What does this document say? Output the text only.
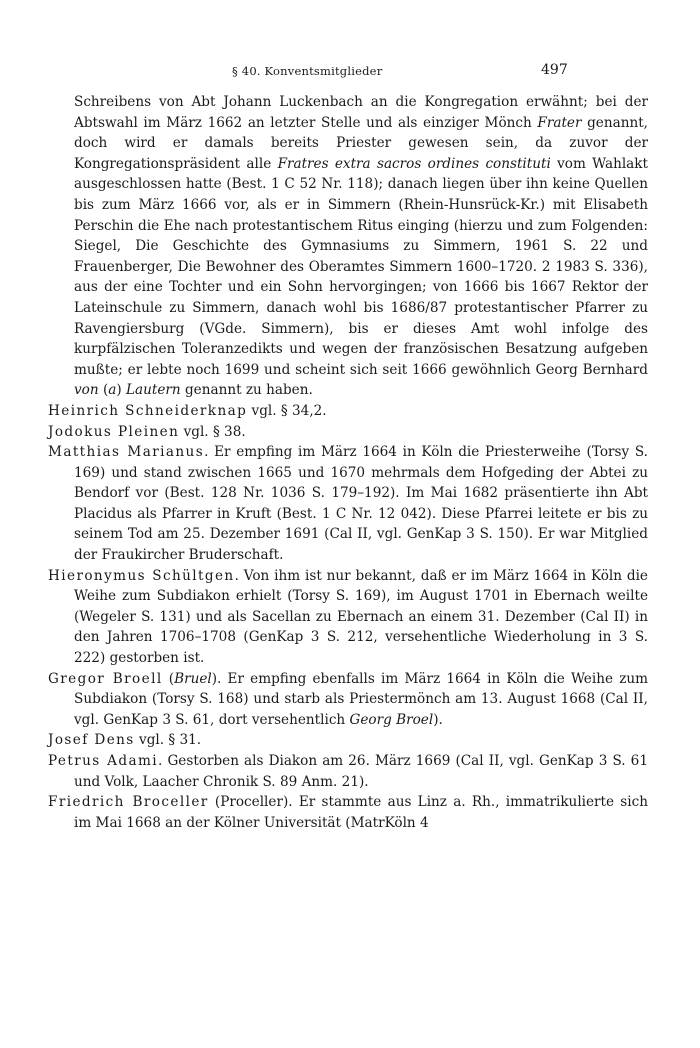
§ 40. Konventsmitglieder	497

Schreibens von Abt Johann Luckenbach an die Kongregation erwähnt; bei der Abtswahl im März 1662 an letzter Stelle und als einziger Mönch Frater genannt, doch wird er damals bereits Priester gewesen sein, da zuvor der Kongregationspräsident alle Fratres extra sacros ordines constituti vom Wahlakt ausgeschlossen hatte (Best. 1 C 52 Nr. 118); danach liegen über ihn keine Quellen bis zum März 1666 vor, als er in Simmern (Rhein-Hunsrück-Kr.) mit Elisabeth Perschin die Ehe nach protestantischem Ritus einging (hierzu und zum Folgenden: Siegel, Die Geschichte des Gymnasiums zu Simmern, 1961 S. 22 und Frauenberger, Die Bewohner des Oberamtes Simmern 1600–1720. 2 1983 S. 336), aus der eine Tochter und ein Sohn hervorgingen; von 1666 bis 1667 Rektor der Lateinschule zu Simmern, danach wohl bis 1686/87 protestantischer Pfarrer zu Ravengiersburg (VGde. Simmern), bis er dieses Amt wohl infolge des kurpfälzischen Toleranzedikts und wegen der französischen Besatzung aufgeben mußte; er lebte noch 1699 und scheint sich seit 1666 gewöhnlich Georg Bernhard von (a) Lautern genannt zu haben.

Heinrich Schneiderknap vgl. § 34,2.

Jodokus Pleinen vgl. § 38.

Matthias Marianus. Er empfing im März 1664 in Köln die Priesterweihe (Torsy S. 169) und stand zwischen 1665 und 1670 mehrmals dem Hofgeding der Abtei zu Bendorf vor (Best. 128 Nr. 1036 S. 179–192). Im Mai 1682 präsentierte ihn Abt Placidus als Pfarrer in Kruft (Best. 1 C Nr. 12 042). Diese Pfarrei leitete er bis zu seinem Tod am 25. Dezember 1691 (Cal II, vgl. GenKap 3 S. 150). Er war Mitglied der Fraukircher Bruderschaft.

Hieronymus Schültgen. Von ihm ist nur bekannt, daß er im März 1664 in Köln die Weihe zum Subdiakon erhielt (Torsy S. 169), im August 1701 in Ebernach weilte (Wegeler S. 131) und als Sacellan zu Ebernach an einem 31. Dezember (Cal II) in den Jahren 1706–1708 (GenKap 3 S. 212, versehentliche Wiederholung in 3 S. 222) gestorben ist.

Gregor Broell (Bruel). Er empfing ebenfalls im März 1664 in Köln die Weihe zum Subdiakon (Torsy S. 168) und starb als Priestermönch am 13. August 1668 (Cal II, vgl. GenKap 3 S. 61, dort versehentlich Georg Broel).

Josef Dens vgl. § 31.

Petrus Adami. Gestorben als Diakon am 26. März 1669 (Cal II, vgl. GenKap 3 S. 61 und Volk, Laacher Chronik S. 89 Anm. 21).

Friedrich Broceller (Proceller). Er stammte aus Linz a. Rh., immatrikulierte sich im Mai 1668 an der Kölner Universität (MatrKöln 4
